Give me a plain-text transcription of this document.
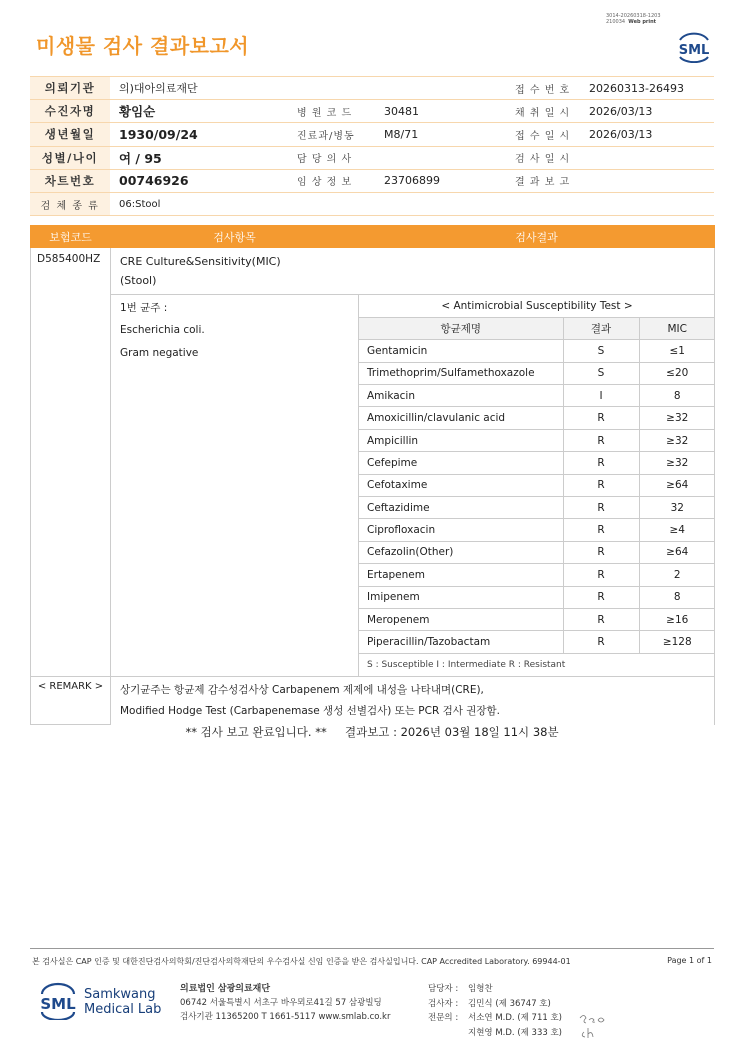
미생물 검사 결과보고서
3014-20260318-1203
210034 Web print
SML
의뢰기관	의)대아의료재단			접 수 번 호	20260313-26493
수진자명	황임순	병 원 코 드	30481	채 취 일 시	2026/03/13
생년월일	1930/09/24	진료과/병동	M8/71	접 수 일 시	2026/03/13
성별/나이	여 / 95	담 당 의 사		검 사 일 시	
차트번호	00746926	임 상 정 보	23706899	결 과 보 고	
검 체 종 류	06:Stool				
보험코드	검사항목	검사결과
D585400HZ	CRE Culture&Sensitivity(MIC)
(Stool)

1번 균주 :
Escherichia coli.
Gram negative

< Antimicrobial Susceptibility Test >
항균제명	결과	MIC
Gentamicin	S	≤1
Trimethoprim/Sulfamethoxazole	S	≤20
Amikacin	I	8
Amoxicillin/clavulanic acid	R	≥32
Ampicillin	R	≥32
Cefepime	R	≥32
Cefotaxime	R	≥64
Ceftazidime	R	32
Ciprofloxacin	R	≥4
Cefazolin(Other)	R	≥64
Ertapenem	R	2
Imipenem	R	8
Meropenem	R	≥16
Piperacillin/Tazobactam	R	≥128
S : Susceptible I : Intermediate R : Resistant

< REMARK >	상기균주는 항균제 감수성검사상 Carbapenem 제제에 내성을 나타내며(CRE),
Modified Hodge Test (Carbapenemase 생성 선별검사) 또는 PCR 검사 권장함.
** 검사 보고 완료입니다. **     결과보고 : 2026년 03월 18일 11시 38분
본 검사실은 CAP 인증 및 대한진단검사의학회/진단검사의학재단의 우수검사실 신임 인증을 받은 검사실입니다. CAP Accredited Laboratory. 69944-01	Page 1 of 1
SML
Samkwang
Medical Lab
의료법인 삼광의료재단
06742 서울특별시 서초구 바우뫼로41길 57 삼광빌딩
검사기관 11365200 T 1661-5117 www.smlab.co.kr
담당자 : 임형찬
검사자 : 김민식 (제 36747 호)
전문의 : 서소연 M.D. (제 711 호)
지현영 M.D. (제 333 호)
